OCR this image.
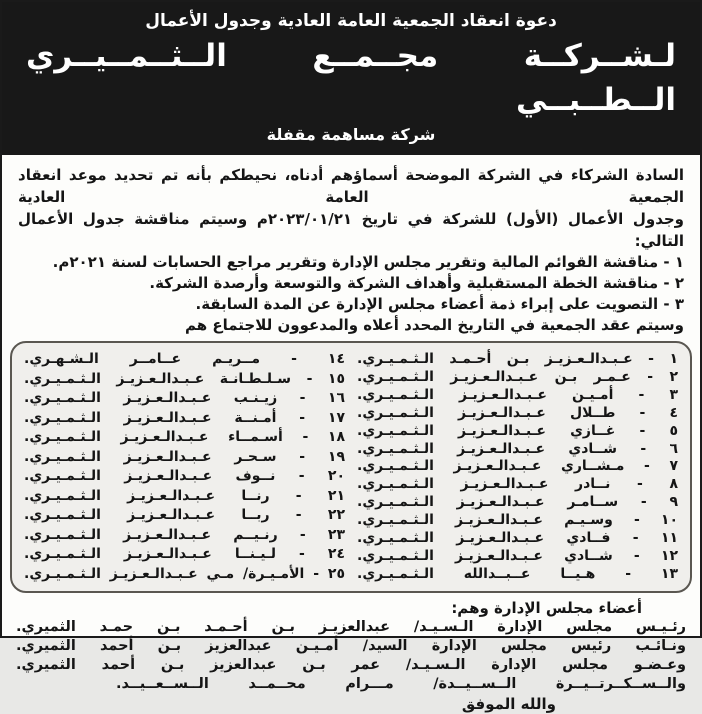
دعوة انعقاد الجمعية العامة العادية وجدول الأعمال
لـشــركــة مجــمــع الــثــمــيــري الــطــبــي
شركة مساهمة مقفلة
السادة الشركاء في الشركة الموضحة أسماؤهم أدناه، نحيطكم بأنه تم تحديد موعد انعقاد الجمعية العامة العادية
وجدول الأعمال (الأول) للشركة في تاريخ ٢٠٢٣/٠١/٢١م وسيتم مناقشة جدول الأعمال التالي:
١ - مناقشة القوائم المالية وتقرير مجلس الإدارة وتقرير مراجع الحسابات لسنة ٢٠٢١م.
٢ - مناقشة الخطة المستقبلية وأهداف الشركة والتوسعة وأرصدة الشركة.
٣ - التصويت على إبراء ذمة أعضاء مجلس الإدارة عن المدة السابقة.
وسيتم عقد الجمعية في التاريخ المحدد أعلاه والمدعوون للاجتماع هم
١ - عـبـدالـعـزيـز بـن أحـمـد الـثـمـيـري.
٢ - عـمـر بـن عـبـدالـعـزيـز الـثـمـيـري.
٣ - أمـيـن عـبـدالـعـزيـز الـثـمـيـري.
٤ - طــلال عـبـدالـعـزيـز الـثـمـيـري.
٥ - غــازي عـبـدالـعـزيـز الـثـمـيـري.
٦ - شــادي عـبـدالـعـزيـز الـثـمـيـري.
٧ - مـشــاري عـبـدالـعـزيـز الـثـمـيـري.
٨ - نــادر عـبـدالـعـزيـز الـثـمـيـري.
٩ - ســامـر عـبـدالـعـزيـز الـثـمـيـري.
١٠ - وسـيـم عـبـدالـعـزيـز الـثـمـيـري.
١١ - فــادي عـبـدالـعـزيـز الـثـمـيـري.
١٢ - شــادي عـبـدالـعـزيـز الـثـمـيـري.
١٣ - هـيــا عــبــدالله الـثـمـيـري.
١٤ - مــريـم عــامــر الـشـهـري.
١٥ - سـلـطـانـة عـبـدالـعـزيـز الـثـمـيـري.
١٦ - زيـنـب عـبـدالـعـزيـز الـثـمـيـري.
١٧ - أمـنــة عـبـدالـعـزيـز الـثـمـيـري.
١٨ - أسـمــاء عـبـدالـعـزيـز الـثـمـيـري.
١٩ - سـحـر عـبـدالـعـزيـز الـثـمـيـري.
٢٠ - نــوف عـبـدالـعـزيـز الـثـمـيـري.
٢١ - رنــا عـبـدالـعـزيـز الـثـمـيـري.
٢٢ - ربــا عـبـدالـعـزيـز الـثـمـيـري.
٢٣ - رنـيــم عـبـدالـعـزيـز الـثـمـيـري.
٢٤ - لـيـنــا عـبـدالـعـزيـز الـثـمـيـري.
٢٥ - الأمـيـرة/ مـي عـبـدالـعـزيـز الـثـمـيـري.
أعضاء مجلس الإدارة وهم:
رئـيـس مجلس الإدارة الـسـيـد/ عبدالعزيـز بـن أحـمـد بـن حمـد الثميري.
ونـائـب رئيس مجلس الإدارة السيد/ أمـيـن عبدالعزيز بـن أحمد الثميري.
وعـضـو مجلس الإدارة الـسـيـد/ عمر بـن عبدالعزيز بـن أحمد الثميري.
والــســكــرتــيــرة الــســيــدة/ مـــرام محــمــد الــســعــيــد.
والله الموفق
